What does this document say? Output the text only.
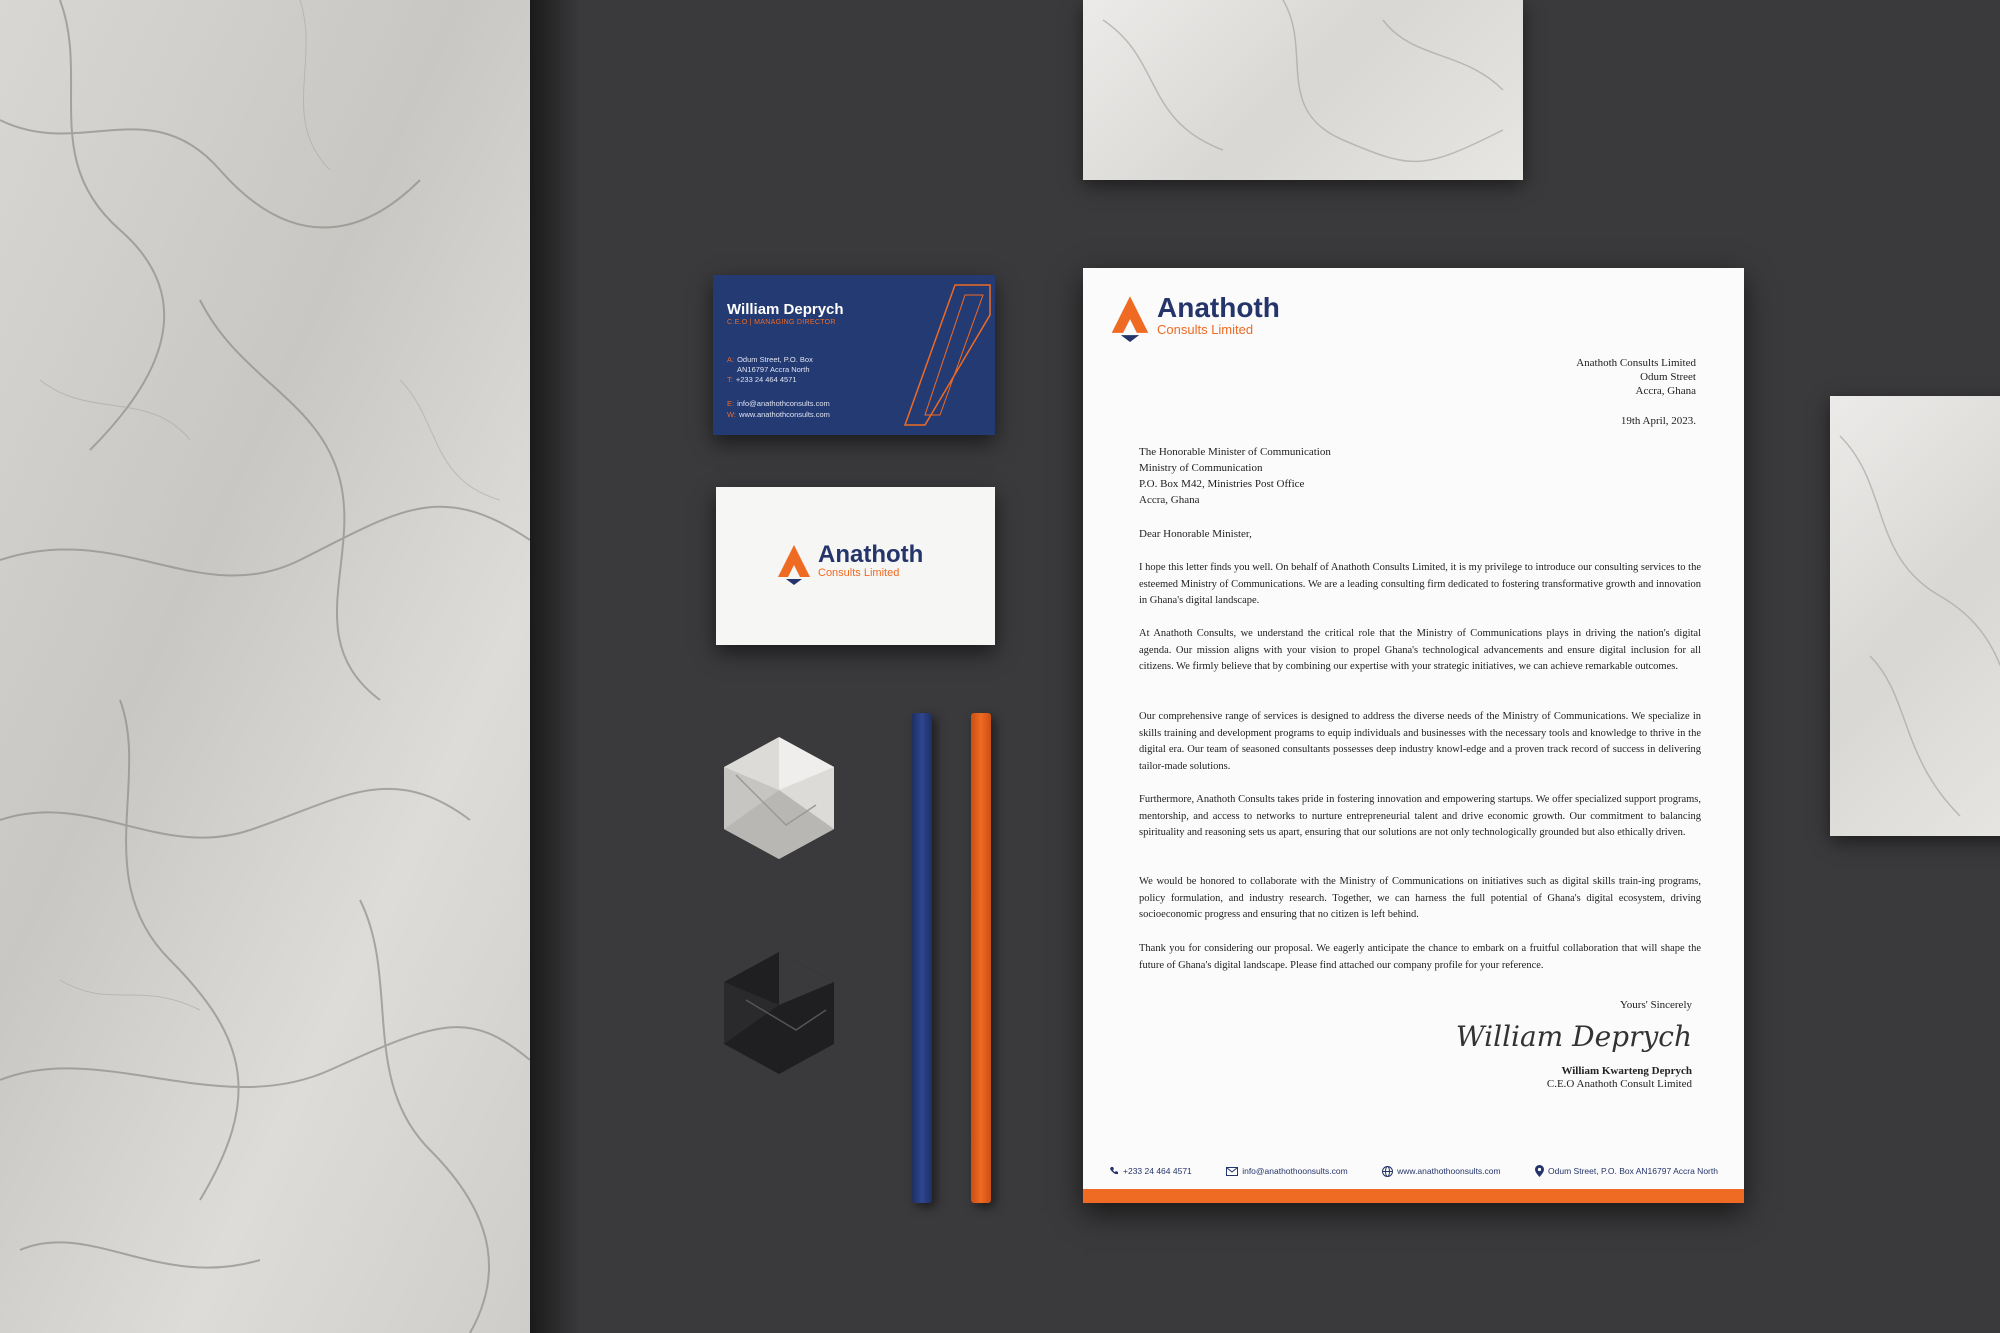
William Deprych
C.E.O | MANAGING DIRECTOR
A: Odum Street, P.O. Box
AN16797 Accra North
T: +233 24 464 4571
E: info@anathothconsults.com
W: www.anathothconsults.com
Anathoth
Consults Limited
Anathoth
Consults Limited
Anathoth Consults Limited
Odum Street
Accra, Ghana
19th April, 2023.
The Honorable Minister of Communication
Ministry of Communication
P.O. Box M42, Ministries Post Office
Accra, Ghana
Dear Honorable Minister,
I hope this letter finds you well. On behalf of Anathoth Consults Limited, it is my privilege to introduce our consulting services to the esteemed Ministry of Communications. We are a leading consulting firm dedicated to fostering transformative growth and innovation in Ghana's digital landscape.
At Anathoth Consults, we understand the critical role that the Ministry of Communications plays in driving the nation's digital agenda. Our mission aligns with your vision to propel Ghana's technological advancements and ensure digital inclusion for all citizens. We firmly believe that by combining our expertise with your strategic initiatives, we can achieve remarkable outcomes.
Our comprehensive range of services is designed to address the diverse needs of the Ministry of Communications. We specialize in skills training and development programs to equip individuals and businesses with the necessary tools and knowledge to thrive in the digital era. Our team of seasoned consultants possesses deep industry knowl-edge and a proven track record of success in delivering tailor-made solutions.
Furthermore, Anathoth Consults takes pride in fostering innovation and empowering startups. We offer specialized support programs, mentorship, and access to networks to nurture entrepreneurial talent and drive economic growth. Our commitment to balancing spirituality and reasoning sets us apart, ensuring that our solutions are not only technologically grounded but also ethically driven.
We would be honored to collaborate with the Ministry of Communications on initiatives such as digital skills train-ing programs, policy formulation, and industry research. Together, we can harness the full potential of Ghana's digital ecosystem, driving socioeconomic progress and ensuring that no citizen is left behind.
Thank you for considering our proposal. We eagerly anticipate the chance to embark on a fruitful collaboration that will shape the future of Ghana's digital landscape. Please find attached our company profile for your reference.
Yours' Sincerely
William Deprych
William Kwarteng Deprych
C.E.O Anathoth Consult Limited
+233 24 464 4571	info@anathothoonsults.com	www.anathothoonsults.com	Odum Street, P.O. Box AN16797 Accra North
